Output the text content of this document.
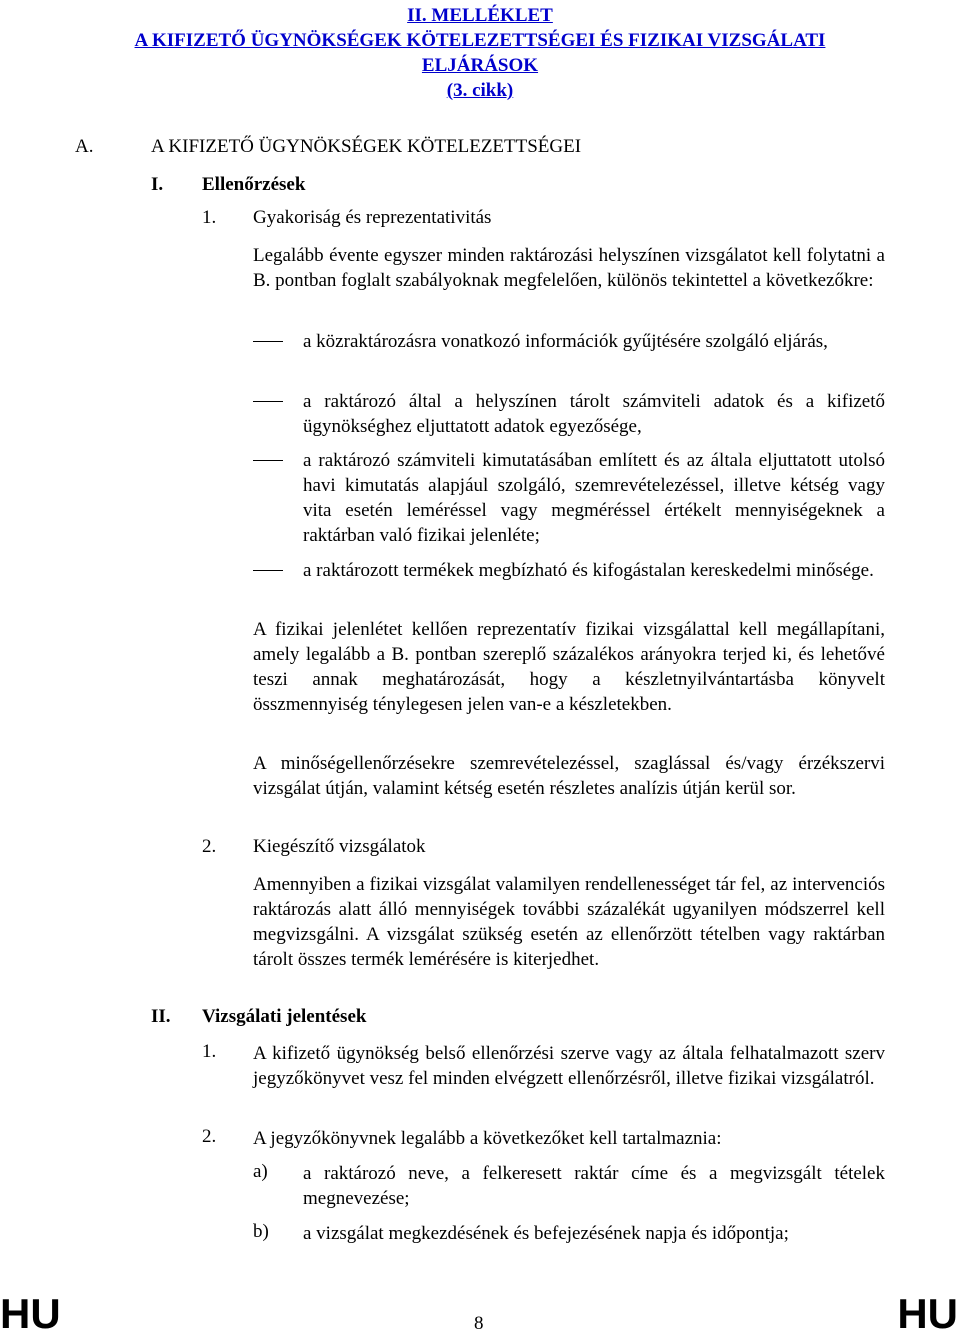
II. MELLÉKLET
A KIFIZETŐ ÜGYNÖKSÉGEK KÖTELEZETTSÉGEI ÉS FIZIKAI VIZSGÁLATI
ELJÁRÁSOK
(3. cikk)
A.	A KIFIZETŐ ÜGYNÖKSÉGEK KÖTELEZETTSÉGEI
I. Ellenőrzések
1. Gyakoriság és reprezentativitás
Legalább évente egyszer minden raktározási helyszínen vizsgálatot kell folytatni a B. pontban foglalt szabályoknak megfelelően, különös tekintettel a következőkre:
a közraktározásra vonatkozó információk gyűjtésére szolgáló eljárás,
a raktározó által a helyszínen tárolt számviteli adatok és a kifizető ügynökséghez eljuttatott adatok egyezősége,
a raktározó számviteli kimutatásában említett és az általa eljuttatott utolsó havi kimutatás alapjául szolgáló, szemrevételezéssel, illetve kétség vagy vita esetén leméréssel vagy megméréssel értékelt mennyiségeknek a raktárban való fizikai jelenléte;
a raktározott termékek megbízható és kifogástalan kereskedelmi minősége.
A fizikai jelenlétet kellően reprezentatív fizikai vizsgálattal kell megállapítani, amely legalább a B. pontban szereplő százalékos arányokra terjed ki, és lehetővé teszi annak meghatározását, hogy a készletnyilvántartásba könyvelt összmennyiség ténylegesen jelen van-e a készletekben.
A minőségellenőrzésekre szemrevételezéssel, szaglással és/vagy érzékszervi vizsgálat útján, valamint kétség esetén részletes analízis útján kerül sor.
2. Kiegészítő vizsgálatok
Amennyiben a fizikai vizsgálat valamilyen rendellenességet tár fel, az intervenciós raktározás alatt álló mennyiségek további százalékát ugyanilyen módszerrel kell megvizsgálni. A vizsgálat szükség esetén az ellenőrzött tételben vagy raktárban tárolt összes termék lemérésére is kiterjedhet.
II. Vizsgálati jelentések
1. A kifizető ügynökség belső ellenőrzési szerve vagy az általa felhatalmazott szerv jegyzőkönyvet vesz fel minden elvégzett ellenőrzésről, illetve fizikai vizsgálatról.
2. A jegyzőkönyvnek legalább a következőket kell tartalmaznia:
a) a raktározó neve, a felkeresett raktár címe és a megvizsgált tételek megnevezése;
b) a vizsgálat megkezdésének és befejezésének napja és időpontja;
HU	8	HU
